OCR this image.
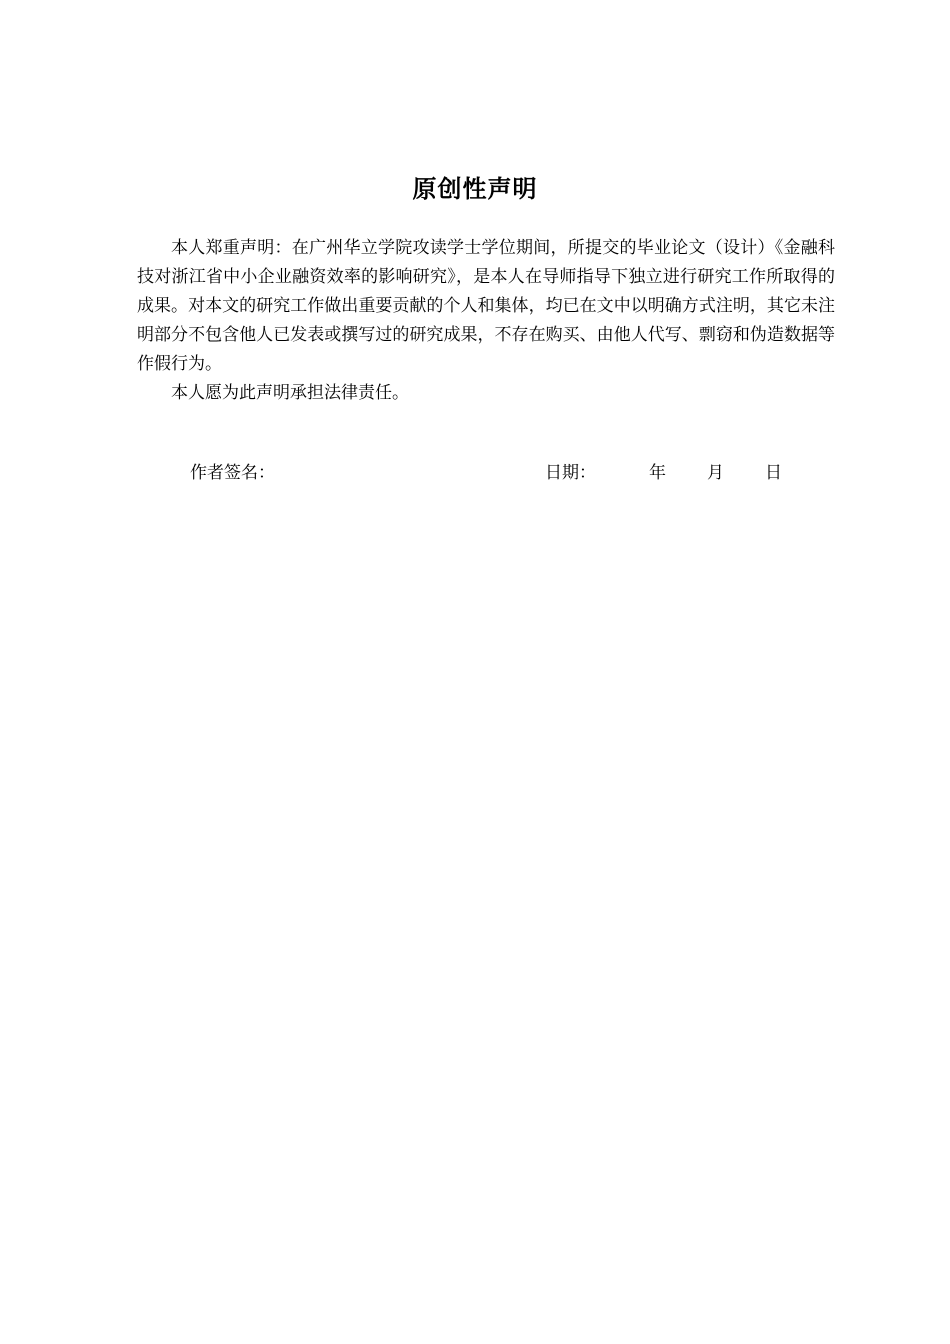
原创性声明

本人郑重声明：在广州华立学院攻读学士学位期间，所提交的毕业论文（设计）《金融科技对浙江省中小企业融资效率的影响研究》，是本人在导师指导下独立进行研究工作所取得的成果。对本文的研究工作做出重要贡献的个人和集体，均已在文中以明确方式注明，其它未注明部分不包含他人已发表或撰写过的研究成果，不存在购买、由他人代写、剽窃和伪造数据等作假行为。

本人愿为此声明承担法律责任。

作者签名：	日期：	年 月 日
